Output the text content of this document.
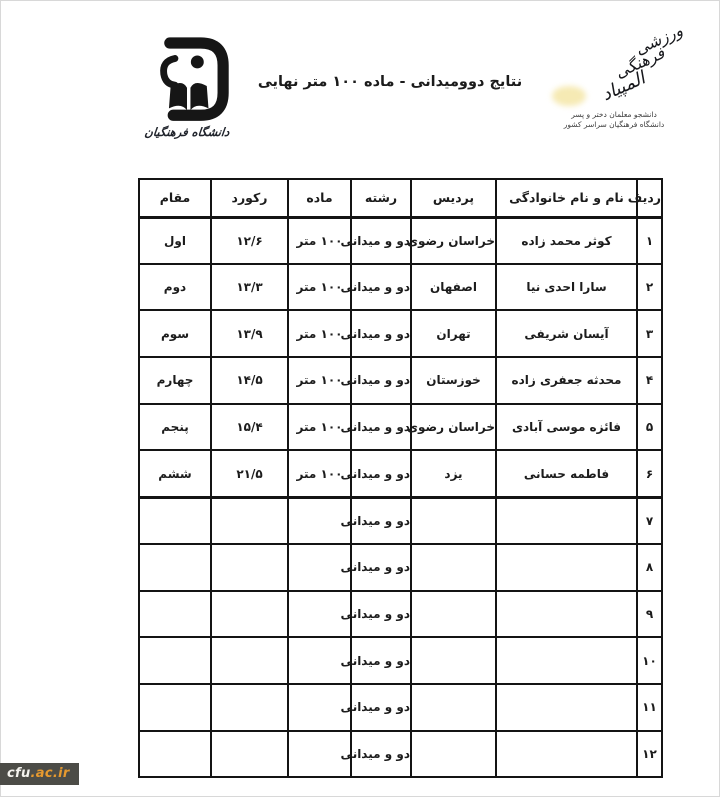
دانشگاه فرهنگیان
نتایج دوومیدانی - ماده ۱۰۰ متر نهایی
ورزشی
فرهنگی
المپیاد
دانشجو معلمان دختر و پسر
دانشگاه فرهنگیان سراسر کشور
ردیف	نام و نام خانوادگی	پردیس	رشته	ماده	رکورد	مقام
۱	کوثر محمد زاده	خراسان رضوی	دو و میدانی	۱۰۰ متر	۱۲/۶	اول
۲	سارا احدی نیا	اصفهان	دو و میدانی	۱۰۰ متر	۱۳/۳	دوم
۳	آیسان شریفی	تهران	دو و میدانی	۱۰۰ متر	۱۳/۹	سوم
۴	محدثه جعفری زاده	خوزستان	دو و میدانی	۱۰۰ متر	۱۴/۵	چهارم
۵	فائزه موسی آبادی	خراسان رضوی	دو و میدانی	۱۰۰ متر	۱۵/۴	پنجم
۶	فاطمه حسانی	یزد	دو و میدانی	۱۰۰ متر	۲۱/۵	ششم
۷			دو و میدانی			
۸			دو و میدانی			
۹			دو و میدانی			
۱۰			دو و میدانی			
۱۱			دو و میدانی			
۱۲			دو و میدانی			
cfu.ac.ir
